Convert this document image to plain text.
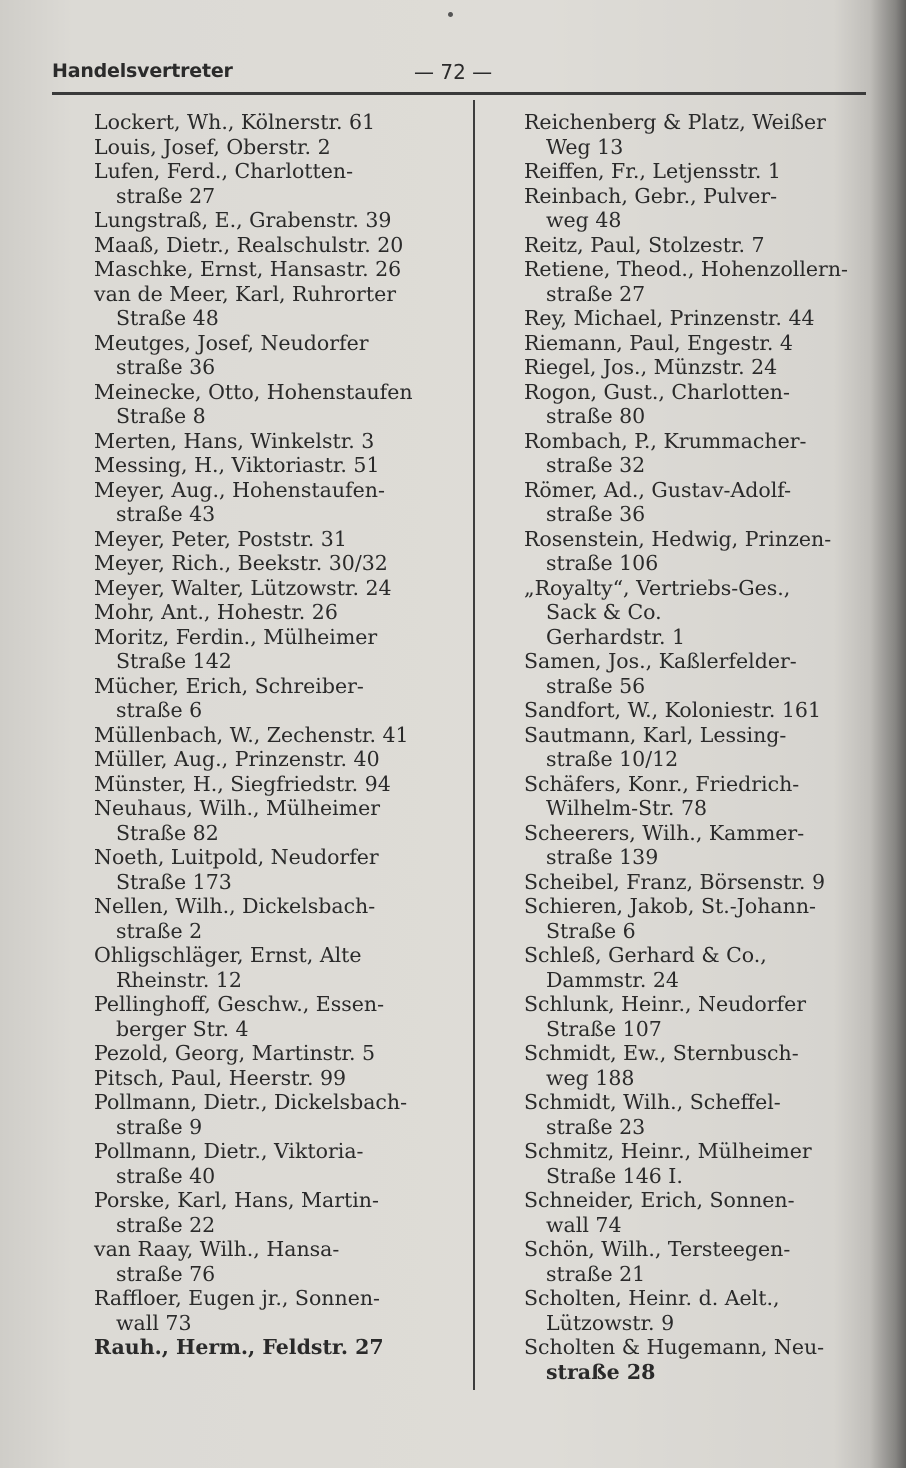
Handelsvertreter	— 72 —
Lockert, Wh., Kölnerstr. 61
Louis, Josef, Oberstr. 2
Lufen, Ferd., Charlotten-
straße 27
Lungstraß, E., Grabenstr. 39
Maaß, Dietr., Realschulstr. 20
Maschke, Ernst, Hansastr. 26
van de Meer, Karl, Ruhrorter
Straße 48
Meutges, Josef, Neudorfer
straße 36
Meinecke, Otto, Hohenstaufen
Straße 8
Merten, Hans, Winkelstr. 3
Messing, H., Viktoriastr. 51
Meyer, Aug., Hohenstaufen-
straße 43
Meyer, Peter, Poststr. 31
Meyer, Rich., Beekstr. 30/32
Meyer, Walter, Lützowstr. 24
Mohr, Ant., Hohestr. 26
Moritz, Ferdin., Mülheimer
Straße 142
Mücher, Erich, Schreiber-
straße 6
Müllenbach, W., Zechenstr. 41
Müller, Aug., Prinzenstr. 40
Münster, H., Siegfriedstr. 94
Neuhaus, Wilh., Mülheimer
Straße 82
Noeth, Luitpold, Neudorfer
Straße 173
Nellen, Wilh., Dickelsbach-
straße 2
Ohligschläger, Ernst, Alte
Rheinstr. 12
Pellinghoff, Geschw., Essen-
berger Str. 4
Pezold, Georg, Martinstr. 5
Pitsch, Paul, Heerstr. 99
Pollmann, Dietr., Dickelsbach-
straße 9
Pollmann, Dietr., Viktoria-
straße 40
Porske, Karl, Hans, Martin-
straße 22
van Raay, Wilh., Hansa-
straße 76
Raffloer, Eugen jr., Sonnen-
wall 73
Rauh., Herm., Feldstr. 27
Reichenberg & Platz, Weißer
Weg 13
Reiffen, Fr., Letjensstr. 1
Reinbach, Gebr., Pulver-
weg 48
Reitz, Paul, Stolzestr. 7
Retiene, Theod., Hohenzollern-
straße 27
Rey, Michael, Prinzenstr. 44
Riemann, Paul, Engestr. 4
Riegel, Jos., Münzstr. 24
Rogon, Gust., Charlotten-
straße 80
Rombach, P., Krummacher-
straße 32
Römer, Ad., Gustav-Adolf-
straße 36
Rosenstein, Hedwig, Prinzen-
straße 106
„Royalty“, Vertriebs-Ges.,
Sack & Co.
Gerhardstr. 1
Samen, Jos., Kaßlerfelder-
straße 56
Sandfort, W., Koloniestr. 161
Sautmann, Karl, Lessing-
straße 10/12
Schäfers, Konr., Friedrich-
Wilhelm-Str. 78
Scheerers, Wilh., Kammer-
straße 139
Scheibel, Franz, Börsenstr. 9
Schieren, Jakob, St.-Johann-
Straße 6
Schleß, Gerhard & Co.,
Dammstr. 24
Schlunk, Heinr., Neudorfer
Straße 107
Schmidt, Ew., Sternbusch-
weg 188
Schmidt, Wilh., Scheffel-
straße 23
Schmitz, Heinr., Mülheimer
Straße 146 I.
Schneider, Erich, Sonnen-
wall 74
Schön, Wilh., Tersteegen-
straße 21
Scholten, Heinr. d. Aelt.,
Lützowstr. 9
Scholten & Hugemann, Neu-
straße 28
